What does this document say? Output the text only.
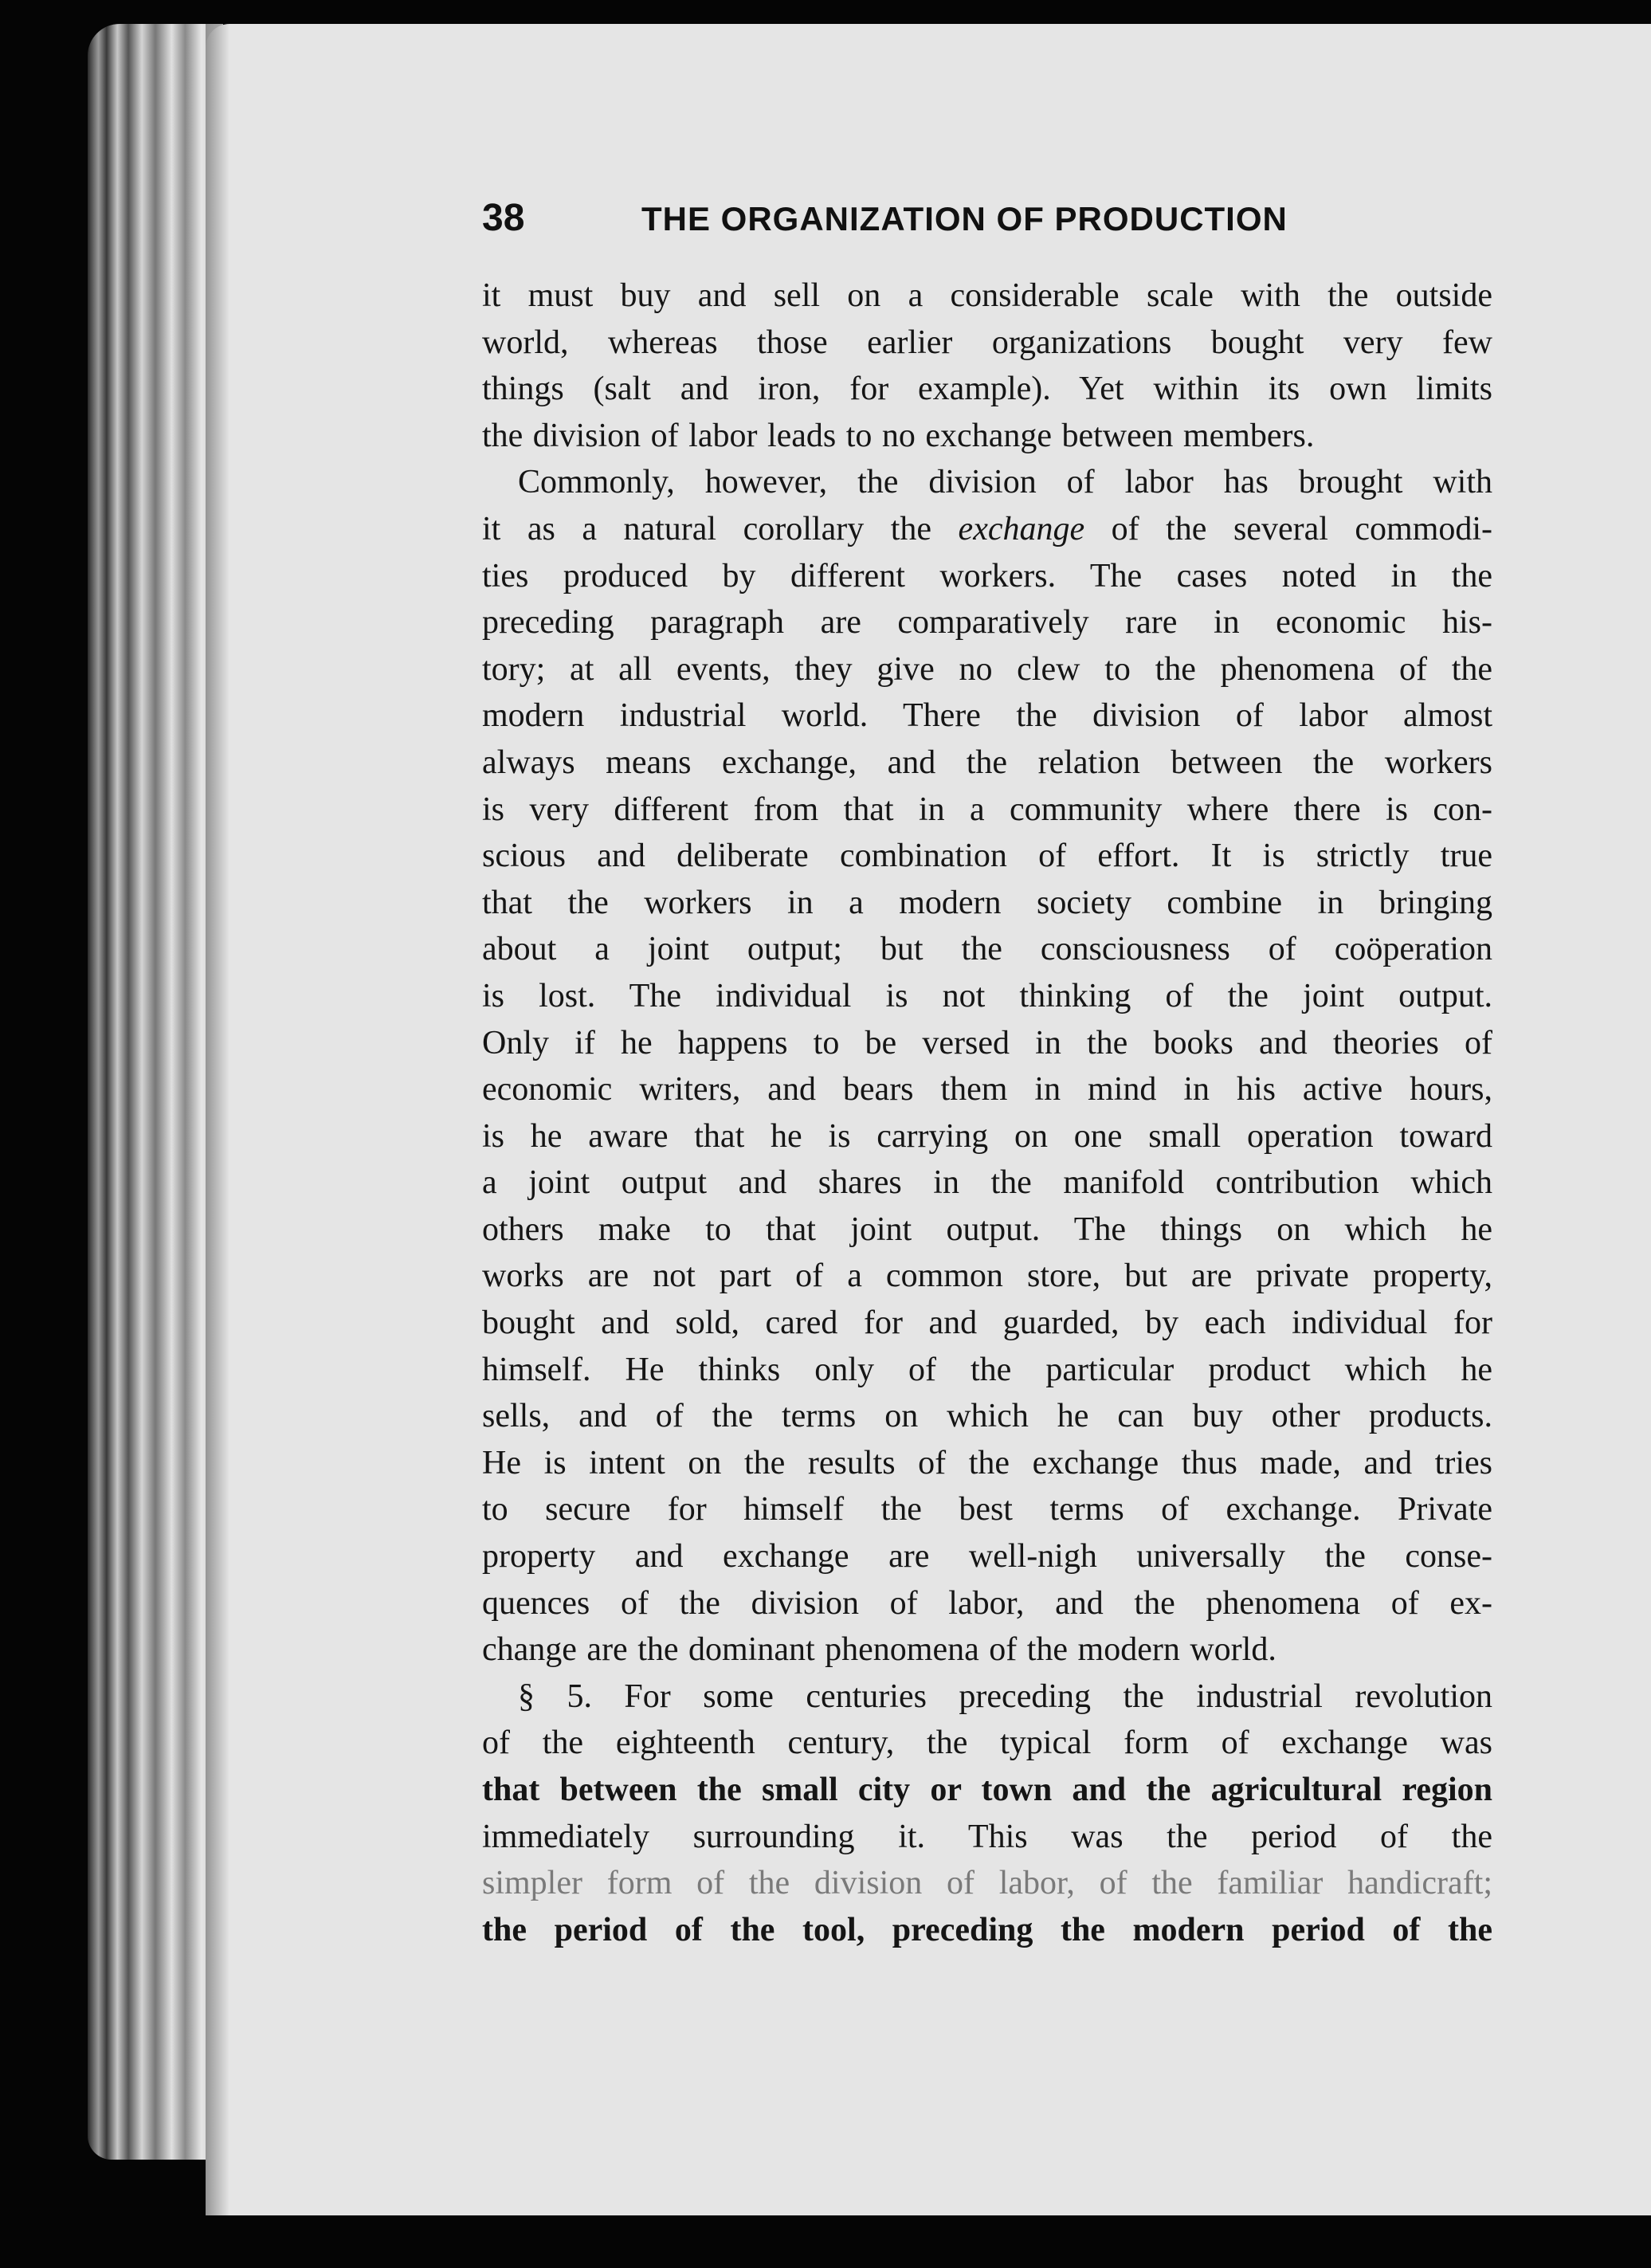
38	THE ORGANIZATION OF PRODUCTION
it must buy and sell on a considerable scale with the outside
world, whereas those earlier organizations bought very few
things (salt and iron, for example). Yet within its own limits
the division of labor leads to no exchange between members.
Commonly, however, the division of labor has brought with
it as a natural corollary the exchange of the several commodi-
ties produced by different workers. The cases noted in the
preceding paragraph are comparatively rare in economic his-
tory; at all events, they give no clew to the phenomena of the
modern industrial world. There the division of labor almost
always means exchange, and the relation between the workers
is very different from that in a community where there is con-
scious and deliberate combination of effort. It is strictly true
that the workers in a modern society combine in bringing
about a joint output; but the consciousness of coöperation
is lost. The individual is not thinking of the joint output.
Only if he happens to be versed in the books and theories of
economic writers, and bears them in mind in his active hours,
is he aware that he is carrying on one small operation toward
a joint output and shares in the manifold contribution which
others make to that joint output. The things on which he
works are not part of a common store, but are private property,
bought and sold, cared for and guarded, by each individual for
himself. He thinks only of the particular product which he
sells, and of the terms on which he can buy other products.
He is intent on the results of the exchange thus made, and tries
to secure for himself the best terms of exchange. Private
property and exchange are well-nigh universally the conse-
quences of the division of labor, and the phenomena of ex-
change are the dominant phenomena of the modern world.
§ 5. For some centuries preceding the industrial revolution
of the eighteenth century, the typical form of exchange was
that between the small city or town and the agricultural region
immediately surrounding it. This was the period of the
simpler form of the division of labor, of the familiar handicraft;
the period of the tool, preceding the modern period of the
